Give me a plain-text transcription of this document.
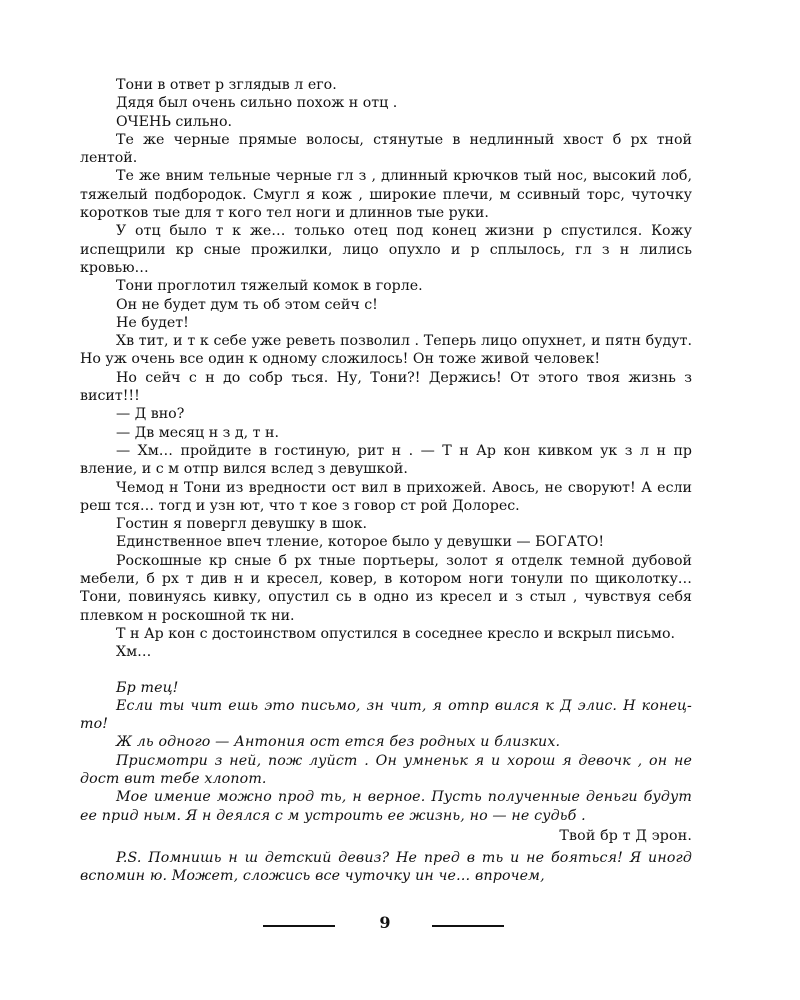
Тони в ответ р зглядыв л его.

Дядя был очень сильно похож н отц .

ОЧЕНЬ сильно.

Те же черные прямые волосы, стянутые в недлинный хвост б рх тной лентой.

Те же вним тельные черные гл з , длинный крючков тый нос, высокий лоб, тяжелый подбородок. Смугл я кож , широкие плечи, м ссивный торс, чуточку коротков тые для т кого тел ноги и длиннов тые руки.

У отц было т к же… только отец под конец жизни р спустился. Кожу испещрили кр сные прожилки, лицо опухло и р сплылось, гл з н лились кровью…

Тони проглотил тяжелый комок в горле.

Он не будет дум ть об этом сейч с!

Не будет!

Хв тит, и т к себе уже реветь позволил . Теперь лицо опухнет, и пятн будут. Но уж очень все один к одному сложилось! Он тоже живой человек!

Но сейч с н до собр ться. Ну, Тони?! Держись! От этого твоя жизнь з висит!!!

— Д вно?

— Дв месяц н з д, т н.

— Хм… пройдите в гостиную, рит н . — Т н Ар кон кивком ук з л н пр вление, и с м отпр вился вслед з девушкой.

Чемод н Тони из вредности ост вил в прихожей. Авось, не своруют! А если реш тся… тогд и узн ют, что т кое з говор ст рой Долорес.

Гостин я повергл девушку в шок.

Единственное впеч тление, которое было у девушки — БОГАТО!

Роскошные кр сные б рх тные портьеры, золот я отделк темной дубовой мебели, б рх т див н и кресел, ковер, в котором ноги тонули по щиколотку… Тони, повинуясь кивку, опустил сь в одно из кресел и з стыл , чувствуя себя плевком н роскошной тк ни.

Т н Ар кон с достоинством опустился в соседнее кресло и вскрыл письмо.

Хм…

Бр тец!

Если ты чит ешь это письмо, зн чит, я отпр вился к Д элис. Н конец-то!

Ж ль одного — Антония ост ется без родных и близких.

Присмотри з ней, пож луйст . Он умненьк я и хорош я девочк , он не дост вит тебе хлопот.

Мое имение можно прод ть, н верное. Пусть полученные деньги будут ее прид ным. Я н деялся с м устроить ее жизнь, но — не судьб .

Твой бр т Д эрон.

P.S. Помнишь н ш детский девиз? Не пред в ть и не бояться! Я иногд вспомин ю. Может, сложись все чуточку ин че… впрочем,

9
